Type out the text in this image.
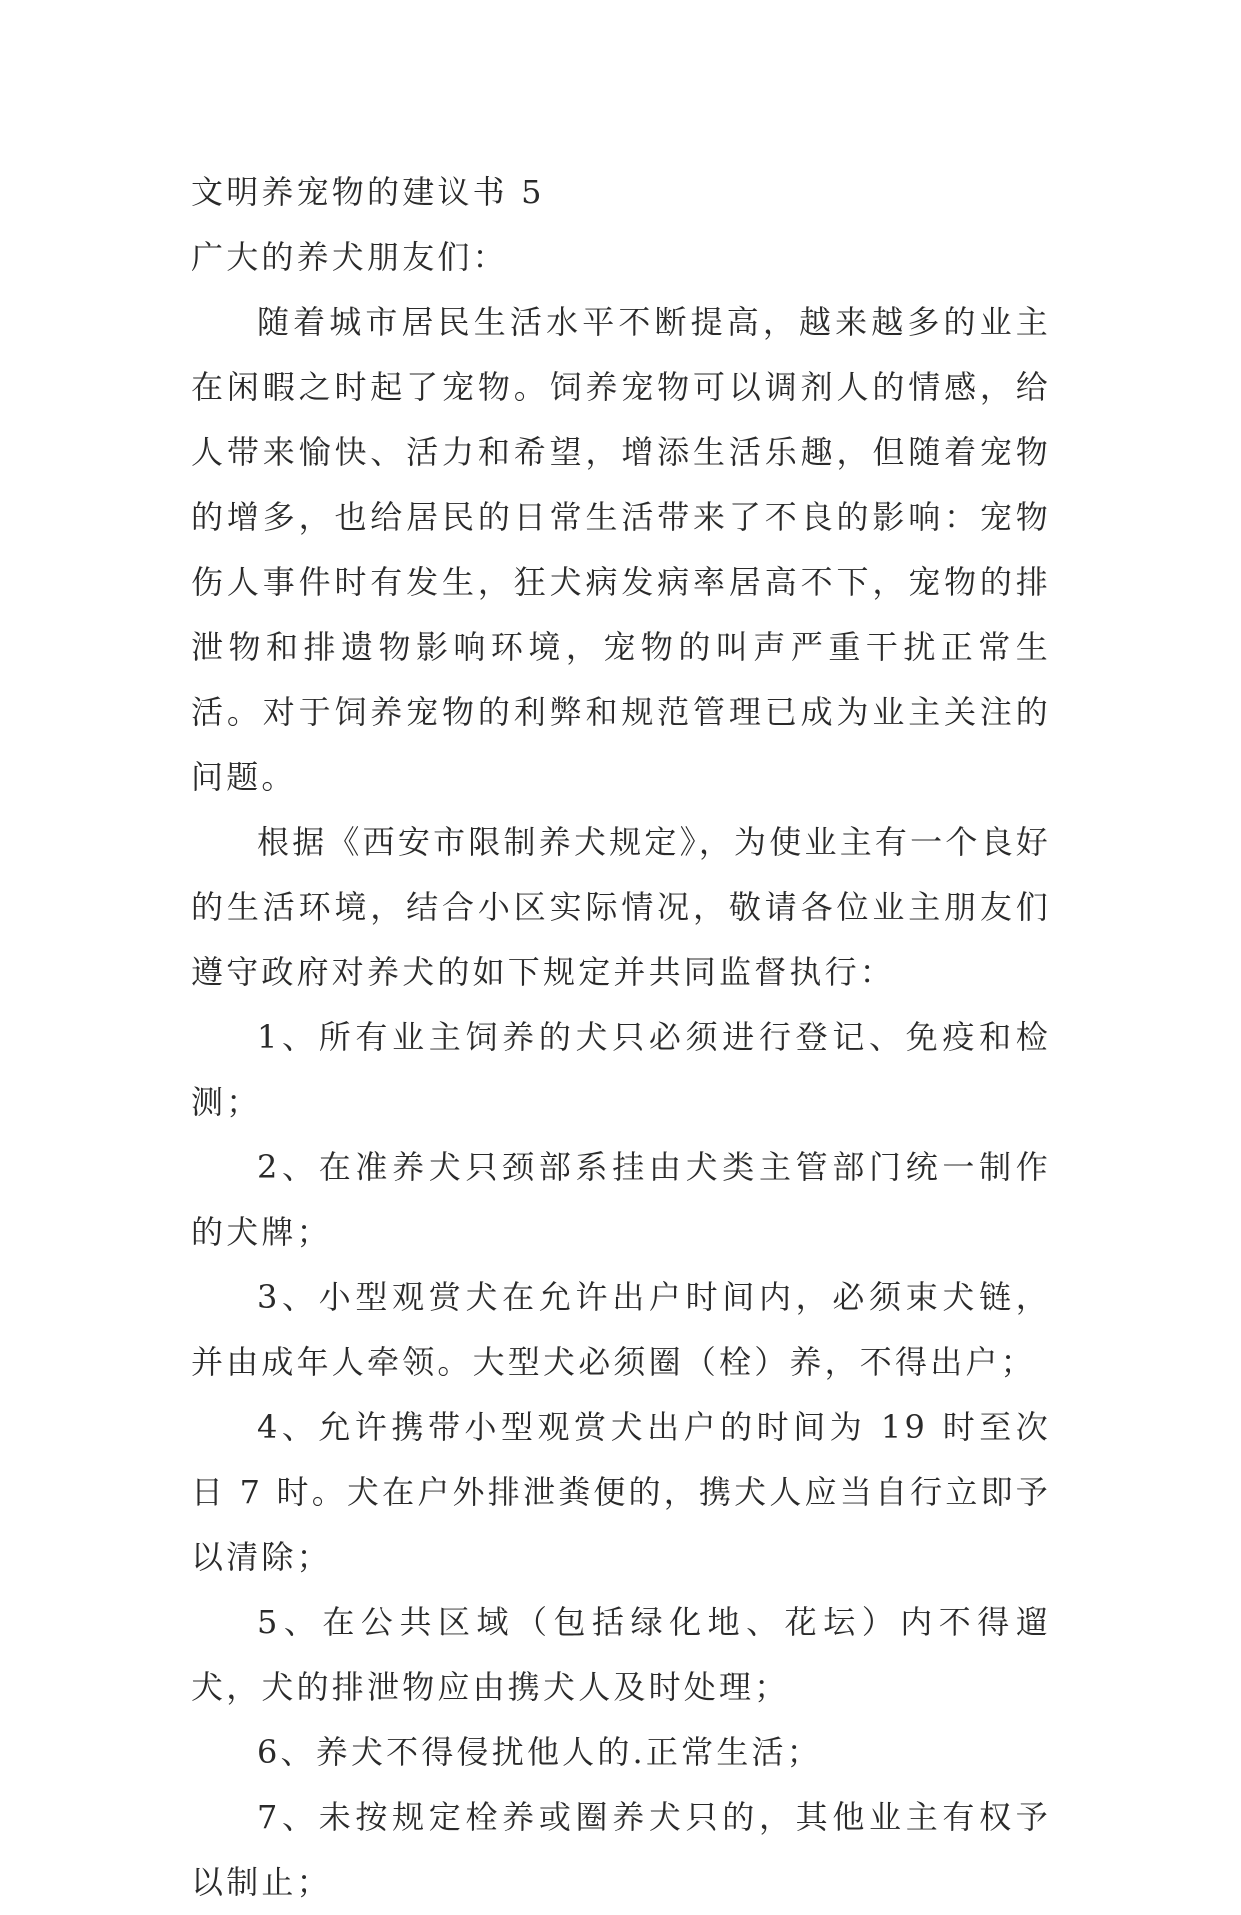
文明养宠物的建议书 5
广大的养犬朋友们：

随着城市居民生活水平不断提高，越来越多的业主在闲暇之时起了宠物。饲养宠物可以调剂人的情感，给人带来愉快、活力和希望，增添生活乐趣，但随着宠物的增多，也给居民的日常生活带来了不良的影响：宠物伤人事件时有发生，狂犬病发病率居高不下，宠物的排泄物和排遗物影响环境，宠物的叫声严重干扰正常生活。对于饲养宠物的利弊和规范管理已成为业主关注的问题。

根据《西安市限制养犬规定》，为使业主有一个良好的生活环境，结合小区实际情况，敬请各位业主朋友们遵守政府对养犬的如下规定并共同监督执行：

1、所有业主饲养的犬只必须进行登记、免疫和检测；

2、在准养犬只颈部系挂由犬类主管部门统一制作的犬牌；

3、小型观赏犬在允许出户时间内，必须束犬链，并由成年人牵领。大型犬必须圈（栓）养，不得出户；

4、允许携带小型观赏犬出户的时间为 19 时至次日 7 时。犬在户外排泄粪便的，携犬人应当自行立即予以清除；

5、在公共区域（包括绿化地、花坛）内不得遛犬，犬的排泄物应由携犬人及时处理；

6、养犬不得侵扰他人的.正常生活；

7、未按规定栓养或圈养犬只的，其他业主有权予以制止；
